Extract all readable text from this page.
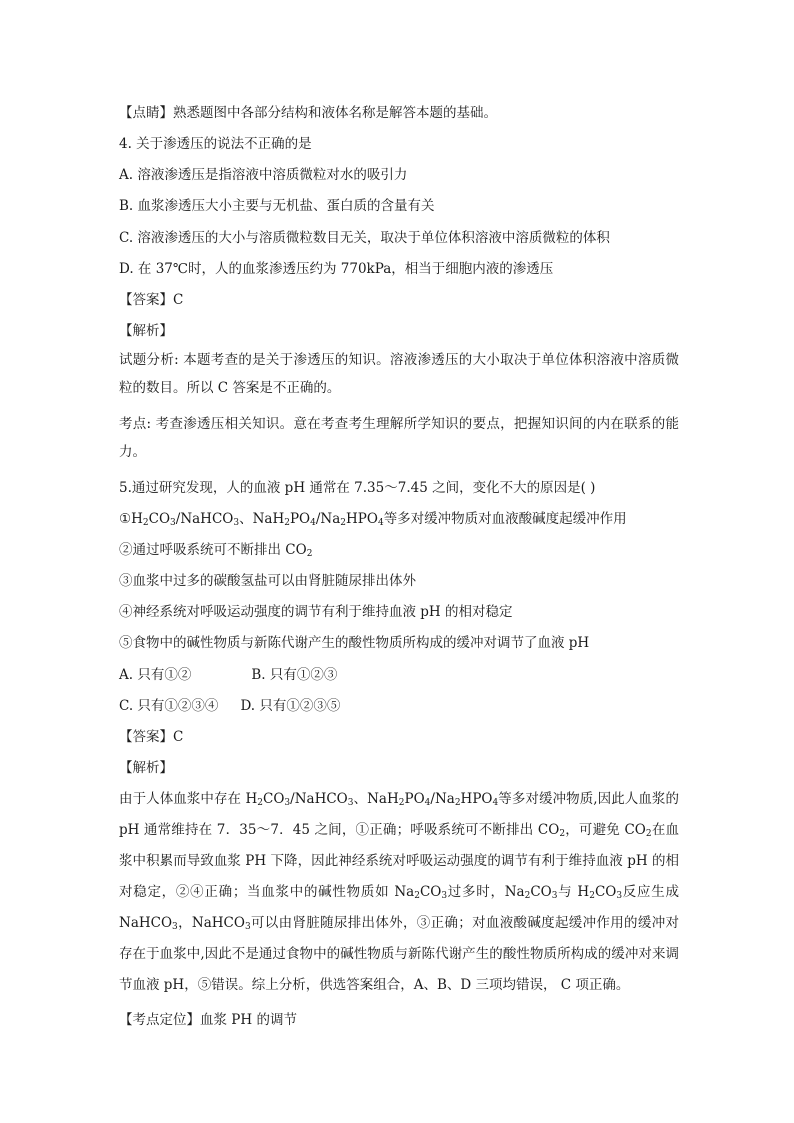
【点睛】熟悉题图中各部分结构和液体名称是解答本题的基础。
4. 关于渗透压的说法不正确的是
A. 溶液渗透压是指溶液中溶质微粒对水的吸引力
B. 血浆渗透压大小主要与无机盐、蛋白质的含量有关
C. 溶液渗透压的大小与溶质微粒数目无关，取决于单位体积溶液中溶质微粒的体积
D. 在 37℃时，人的血浆渗透压约为 770kPa，相当于细胞内液的渗透压
【答案】C
【解析】
试题分析: 本题考查的是关于渗透压的知识。溶液渗透压的大小取决于单位体积溶液中溶质微粒的数目。所以 C 答案是不正确的。
考点: 考查渗透压相关知识。意在考查考生理解所学知识的要点，把握知识间的内在联系的能力。
5.通过研究发现，人的血液 pH 通常在 7.35～7.45 之间，变化不大的原因是( )
$①H_2CO_3/NaHCO_3$、$NaH_2PO_4/Na_2HPO_4$等多对缓冲物质对血液酸碱度起缓冲作用
②通过呼吸系统可不断排出 $CO_2$
③血浆中过多的碳酸氢盐可以由肾脏随尿排出体外
④神经系统对呼吸运动强度的调节有利于维持血液 pH 的相对稳定
⑤食物中的碱性物质与新陈代谢产生的酸性物质所构成的缓冲对调节了血液 pH
A. 只有①②	B. 只有①②③
C. 只有①②③④ D. 只有①②③⑤
【答案】C
【解析】
由于人体血浆中存在 $H_2CO_3/NaHCO_3$、$NaH_2PO_4/Na_2HPO_4$等多对缓冲物质,因此人血浆的 pH 通常维持在 7．35～7．45 之间，①正确；呼吸系统可不断排出 $CO_2$，可避免 $CO_2$在血浆中积累而导致血浆 PH 下降，因此神经系统对呼吸运动强度的调节有利于维持血液 pH 的相对稳定，②④正确；当血浆中的碱性物质如 $Na_2CO_3$过多时，$Na_2CO_3$与 $H_2CO_3$反应生成 NaHCO$_3$，NaHCO$_3$可以由肾脏随尿排出体外，③正确；对血液酸碱度起缓冲作用的缓冲对存在于血浆中,因此不是通过食物中的碱性物质与新陈代谢产生的酸性物质所构成的缓冲对来调节血液 pH，⑤错误。综上分析，供选答案组合，A、B、D 三项均错误， C 项正确。
【考点定位】血浆 PH 的调节
